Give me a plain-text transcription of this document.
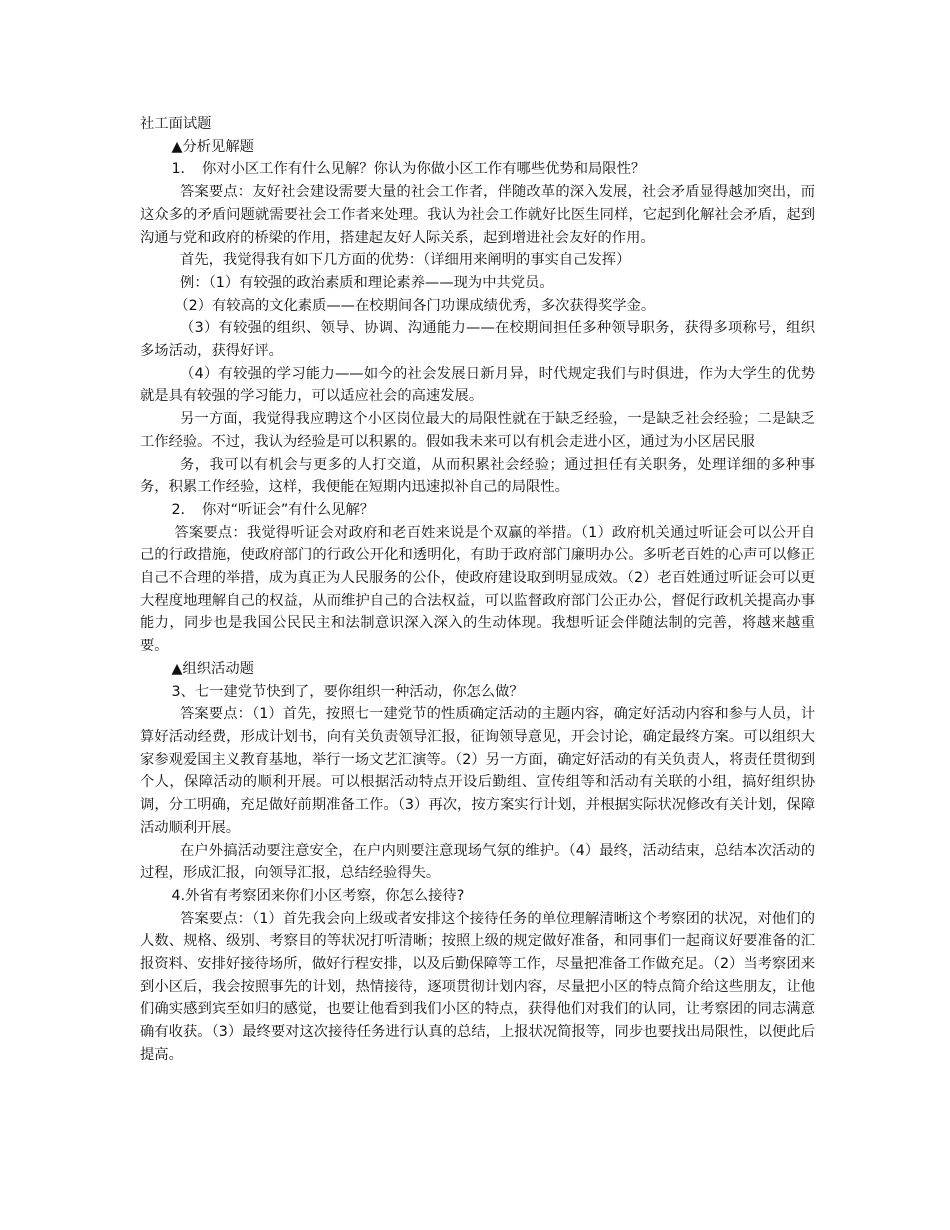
社工面试题

▲分析见解题

1．　你对小区工作有什么见解？你认为你做小区工作有哪些优势和局限性？

答案要点：友好社会建设需要大量的社会工作者，伴随改革的深入发展，社会矛盾显得越加突出，而这众多的矛盾问题就需要社会工作者来处理。我认为社会工作就好比医生同样，它起到化解社会矛盾，起到沟通与党和政府的桥梁的作用，搭建起友好人际关系，起到增进社会友好的作用。

首先，我觉得我有如下几方面的优势：（详细用来阐明的事实自己发挥）

例：（1）有较强的政治素质和理论素养——现为中共党员。

（2）有较高的文化素质——在校期间各门功课成绩优秀，多次获得奖学金。

（3）有较强的组织、领导、协调、沟通能力——在校期间担任多种领导职务，获得多项称号，组织多场活动，获得好评。

（4）有较强的学习能力——如今的社会发展日新月异，时代规定我们与时俱进，作为大学生的优势就是具有较强的学习能力，可以适应社会的高速发展。

另一方面，我觉得我应聘这个小区岗位最大的局限性就在于缺乏经验，一是缺乏社会经验；二是缺乏工作经验。不过，我认为经验是可以积累的。假如我未来可以有机会走进小区，通过为小区居民服

务，我可以有机会与更多的人打交道，从而积累社会经验；通过担任有关职务，处理详细的多种事务，积累工作经验，这样，我便能在短期内迅速拟补自己的局限性。

2．　你对“听证会”有什么见解？

答案要点：我觉得听证会对政府和老百姓来说是个双赢的举措。（1）政府机关通过听证会可以公开自己的行政措施，使政府部门的行政公开化和透明化，有助于政府部门廉明办公。多听老百姓的心声可以修正自己不合理的举措，成为真正为人民服务的公仆，使政府建设取到明显成效。（2）老百姓通过听证会可以更大程度地理解自己的权益，从而维护自己的合法权益，可以监督政府部门公正办公，督促行政机关提高办事能力，同步也是我国公民民主和法制意识深入深入的生动体现。我想听证会伴随法制的完善，将越来越重要。

▲组织活动题

3、七一建党节快到了，要你组织一种活动，你怎么做？

答案要点：（1）首先，按照七一建党节的性质确定活动的主题内容，确定好活动内容和参与人员，计算好活动经费，形成计划书，向有关负责领导汇报，征询领导意见，开会讨论，确定最终方案。可以组织大家参观爱国主义教育基地，举行一场文艺汇演等。（2）另一方面，确定好活动的有关负责人，将责任贯彻到个人，保障活动的顺利开展。可以根据活动特点开设后勤组、宣传组等和活动有关联的小组，搞好组织协调，分工明确，充足做好前期准备工作。（3）再次，按方案实行计划，并根据实际状况修改有关计划，保障活动顺利开展。

在户外搞活动要注意安全，在户内则要注意现场气氛的维护。（4）最终，活动结束，总结本次活动的过程，形成汇报，向领导汇报，总结经验得失。

4.外省有考察团来你们小区考察，你怎么接待?

答案要点：（1）首先我会向上级或者安排这个接待任务的单位理解清晰这个考察团的状况，对他们的人数、规格、级别、考察目的等状况打听清晰；按照上级的规定做好准备，和同事们一起商议好要准备的汇报资料、安排好接待场所，做好行程安排，以及后勤保障等工作，尽量把准备工作做充足。（2）当考察团来到小区后，我会按照事先的计划，热情接待，逐项贯彻计划内容，尽量把小区的特点简介给这些朋友，让他们确实感到宾至如归的感觉，也要让他看到我们小区的特点，获得他们对我们的认同，让考察团的同志满意确有收获。（3）最终要对这次接待任务进行认真的总结，上报状况简报等，同步也要找出局限性，以便此后提高。
